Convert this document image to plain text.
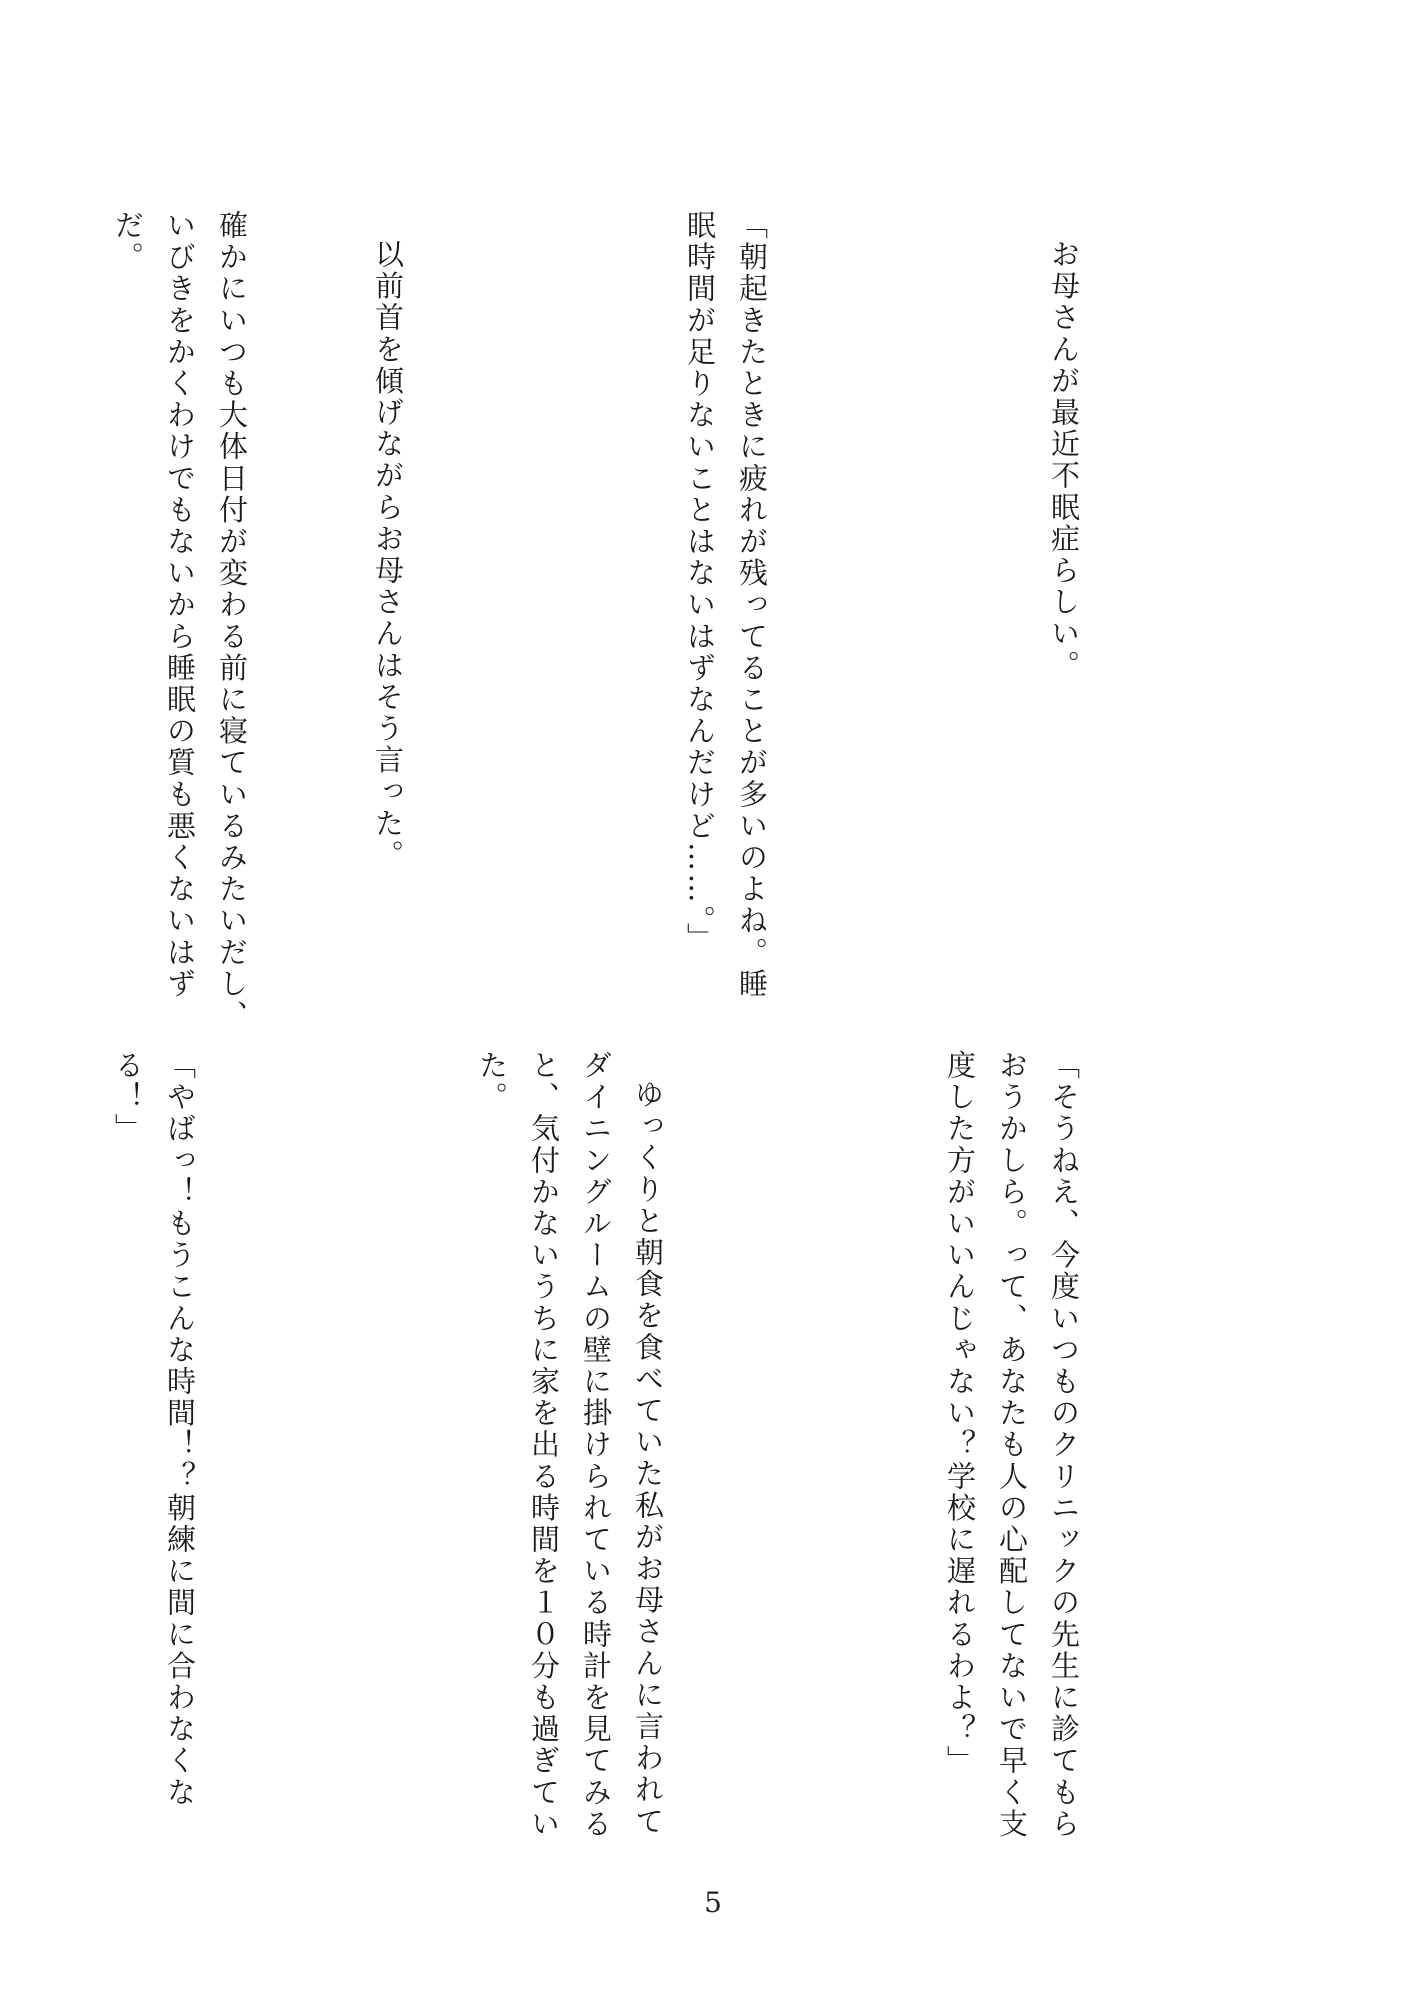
お母さんが最近不眠症らしい。

「朝起きたときに疲れが残ってることが多いのよね。睡
眠時間が足りないことはないはずなんだけど……。」

以前首を傾げながらお母さんはそう言った。

確かにいつも大体日付が変わる前に寝ているみたいだし、
いびきをかくわけでもないから睡眠の質も悪くないはず
だ。

「そうねえ、今度いつものクリニックの先生に診てもら
おうかしら。って、あなたも人の心配してないで早く支
度した方がいいんじゃない？学校に遅れるわよ？」

ゆっくりと朝食を食べていた私がお母さんに言われて
ダイニングルームの壁に掛けられている時計を見てみる
と、気付かないうちに家を出る時間を１０分も過ぎてい
た。

「やばっ！もうこんな時間！？朝練に間に合わなくな
る！」

5
